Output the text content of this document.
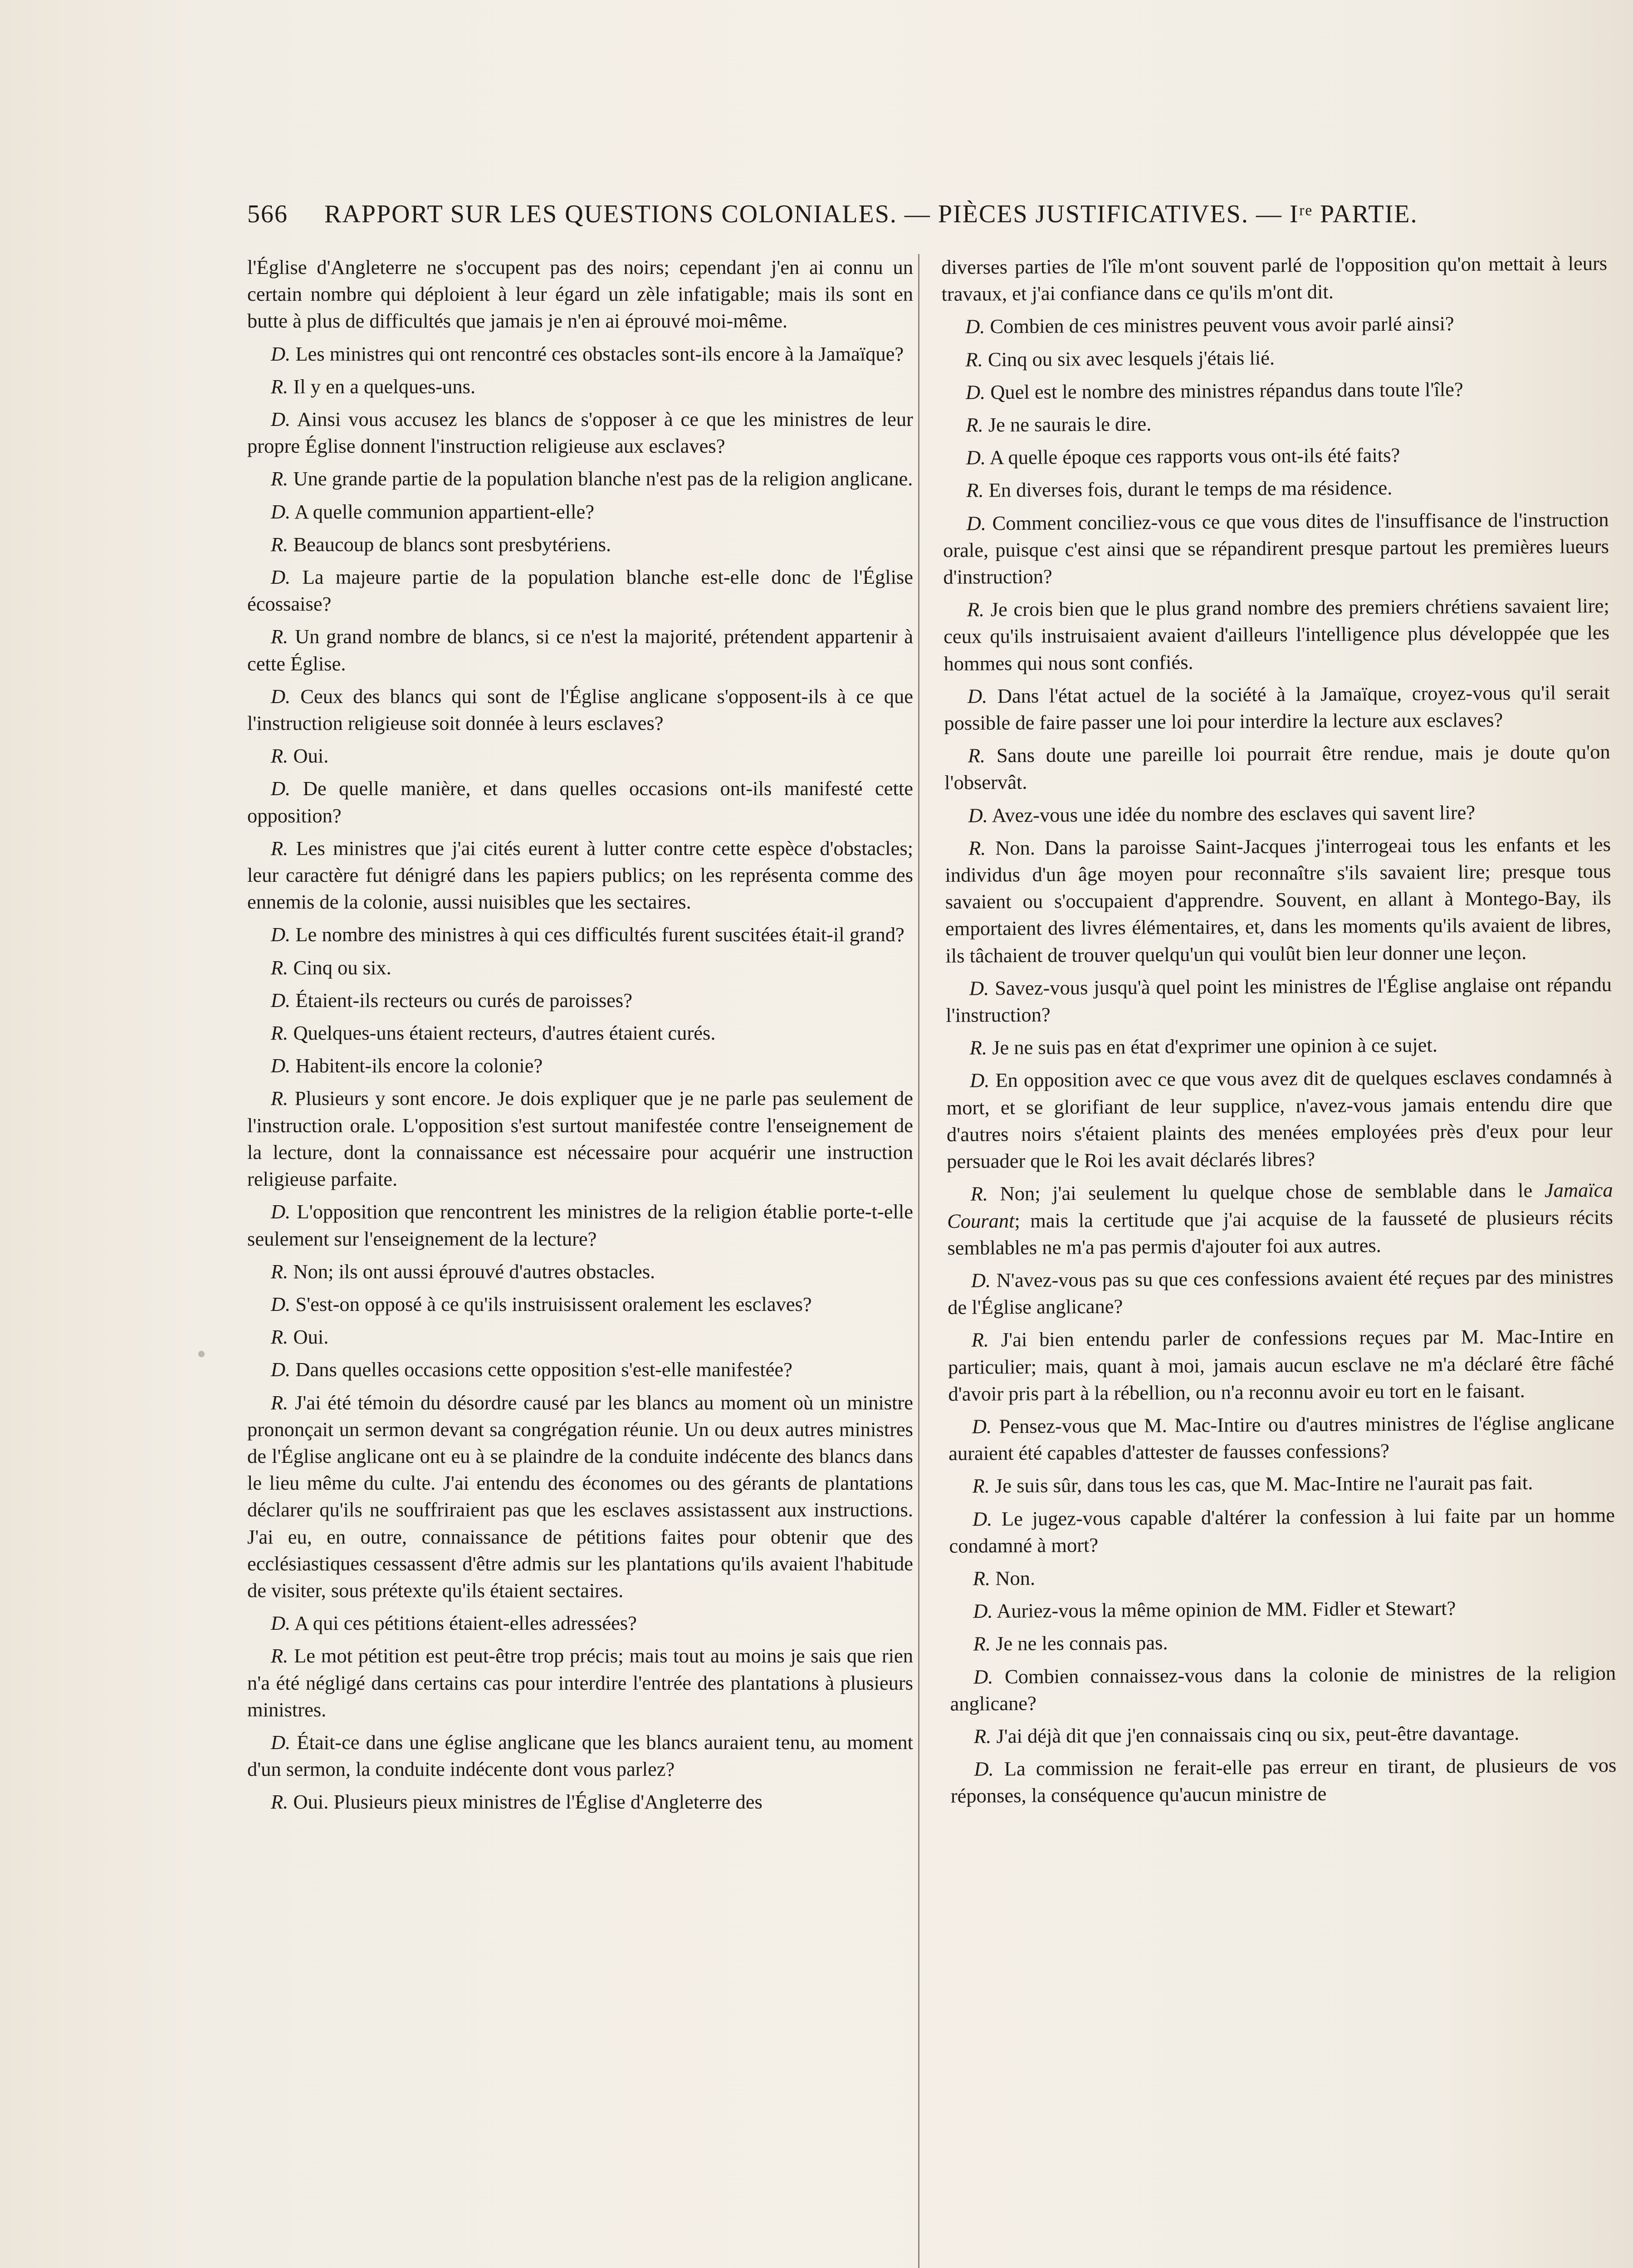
566 RAPPORT SUR LES QUESTIONS COLONIALES. — PIÈCES JUSTIFICATIVES. — Iʳᵉ PARTIE.

l'Église d'Angleterre ne s'occupent pas des noirs; cependant j'en ai connu un certain nombre qui déploient à leur égard un zèle infatigable; mais ils sont en butte à plus de difficultés que jamais je n'en ai éprouvé moi-même.

D. Les ministres qui ont rencontré ces obstacles sont-ils encore à la Jamaïque?

R. Il y en a quelques-uns.

D. Ainsi vous accusez les blancs de s'opposer à ce que les ministres de leur propre Église donnent l'instruction religieuse aux esclaves?

R. Une grande partie de la population blanche n'est pas de la religion anglicane.

D. A quelle communion appartient-elle?

R. Beaucoup de blancs sont presbytériens.

D. La majeure partie de la population blanche est-elle donc de l'Église écossaise?

R. Un grand nombre de blancs, si ce n'est la majorité, prétendent appartenir à cette Église.

D. Ceux des blancs qui sont de l'Église anglicane s'opposent-ils à ce que l'instruction religieuse soit donnée à leurs esclaves?

R. Oui.

D. De quelle manière, et dans quelles occasions ont-ils manifesté cette opposition?

R. Les ministres que j'ai cités eurent à lutter contre cette espèce d'obstacles; leur caractère fut dénigré dans les papiers publics; on les représenta comme des ennemis de la colonie, aussi nuisibles que les sectaires.

D. Le nombre des ministres à qui ces difficultés furent suscitées était-il grand?

R. Cinq ou six.

D. Étaient-ils recteurs ou curés de paroisses?

R. Quelques-uns étaient recteurs, d'autres étaient curés.

D. Habitent-ils encore la colonie?

R. Plusieurs y sont encore. Je dois expliquer que je ne parle pas seulement de l'instruction orale. L'opposition s'est surtout manifestée contre l'enseignement de la lecture, dont la connaissance est nécessaire pour acquérir une instruction religieuse parfaite.

D. L'opposition que rencontrent les ministres de la religion établie porte-t-elle seulement sur l'enseignement de la lecture?

R. Non; ils ont aussi éprouvé d'autres obstacles.

D. S'est-on opposé à ce qu'ils instruisissent oralement les esclaves?

R. Oui.

D. Dans quelles occasions cette opposition s'est-elle manifestée?

R. J'ai été témoin du désordre causé par les blancs au moment où un ministre prononçait un sermon devant sa congrégation réunie. Un ou deux autres ministres de l'Église anglicane ont eu à se plaindre de la conduite indécente des blancs dans le lieu même du culte. J'ai entendu des économes ou des gérants de plantations déclarer qu'ils ne souffriraient pas que les esclaves assistassent aux instructions. J'ai eu, en outre, connaissance de pétitions faites pour obtenir que des ecclésiastiques cessassent d'être admis sur les plantations qu'ils avaient l'habitude de visiter, sous prétexte qu'ils étaient sectaires.

D. A qui ces pétitions étaient-elles adressées?

R. Le mot pétition est peut-être trop précis; mais tout au moins je sais que rien n'a été négligé dans certains cas pour interdire l'entrée des plantations à plusieurs ministres.

D. Était-ce dans une église anglicane que les blancs auraient tenu, au moment d'un sermon, la conduite indécente dont vous parlez?

R. Oui. Plusieurs pieux ministres de l'Église d'Angleterre des

diverses parties de l'île m'ont souvent parlé de l'opposition qu'on mettait à leurs travaux, et j'ai confiance dans ce qu'ils m'ont dit.

D. Combien de ces ministres peuvent vous avoir parlé ainsi?

R. Cinq ou six avec lesquels j'étais lié.

D. Quel est le nombre des ministres répandus dans toute l'île?

R. Je ne saurais le dire.

D. A quelle époque ces rapports vous ont-ils été faits?

R. En diverses fois, durant le temps de ma résidence.

D. Comment conciliez-vous ce que vous dites de l'insuffisance de l'instruction orale, puisque c'est ainsi que se répandirent presque partout les premières lueurs d'instruction?

R. Je crois bien que le plus grand nombre des premiers chrétiens savaient lire; ceux qu'ils instruisaient avaient d'ailleurs l'intelligence plus développée que les hommes qui nous sont confiés.

D. Dans l'état actuel de la société à la Jamaïque, croyez-vous qu'il serait possible de faire passer une loi pour interdire la lecture aux esclaves?

R. Sans doute une pareille loi pourrait être rendue, mais je doute qu'on l'observât.

D. Avez-vous une idée du nombre des esclaves qui savent lire?

R. Non. Dans la paroisse Saint-Jacques j'interrogeai tous les enfants et les individus d'un âge moyen pour reconnaître s'ils savaient lire; presque tous savaient ou s'occupaient d'apprendre. Souvent, en allant à Montego-Bay, ils emportaient des livres élémentaires, et, dans les moments qu'ils avaient de libres, ils tâchaient de trouver quelqu'un qui voulût bien leur donner une leçon.

D. Savez-vous jusqu'à quel point les ministres de l'Église anglaise ont répandu l'instruction?

R. Je ne suis pas en état d'exprimer une opinion à ce sujet.

D. En opposition avec ce que vous avez dit de quelques esclaves condamnés à mort, et se glorifiant de leur supplice, n'avez-vous jamais entendu dire que d'autres noirs s'étaient plaints des menées employées près d'eux pour leur persuader que le Roi les avait déclarés libres?

R. Non; j'ai seulement lu quelque chose de semblable dans le Jamaïca Courant; mais la certitude que j'ai acquise de la fausseté de plusieurs récits semblables ne m'a pas permis d'ajouter foi aux autres.

D. N'avez-vous pas su que ces confessions avaient été reçues par des ministres de l'Église anglicane?

R. J'ai bien entendu parler de confessions reçues par M. Mac-Intire en particulier; mais, quant à moi, jamais aucun esclave ne m'a déclaré être fâché d'avoir pris part à la rébellion, ou n'a reconnu avoir eu tort en le faisant.

D. Pensez-vous que M. Mac-Intire ou d'autres ministres de l'église anglicane auraient été capables d'attester de fausses confessions?

R. Je suis sûr, dans tous les cas, que M. Mac-Intire ne l'aurait pas fait.

D. Le jugez-vous capable d'altérer la confession à lui faite par un homme condamné à mort?

R. Non.

D. Auriez-vous la même opinion de MM. Fidler et Stewart?

R. Je ne les connais pas.

D. Combien connaissez-vous dans la colonie de ministres de la religion anglicane?

R. J'ai déjà dit que j'en connaissais cinq ou six, peut-être davantage.

D. La commission ne ferait-elle pas erreur en tirant, de plusieurs de vos réponses, la conséquence qu'aucun ministre de
